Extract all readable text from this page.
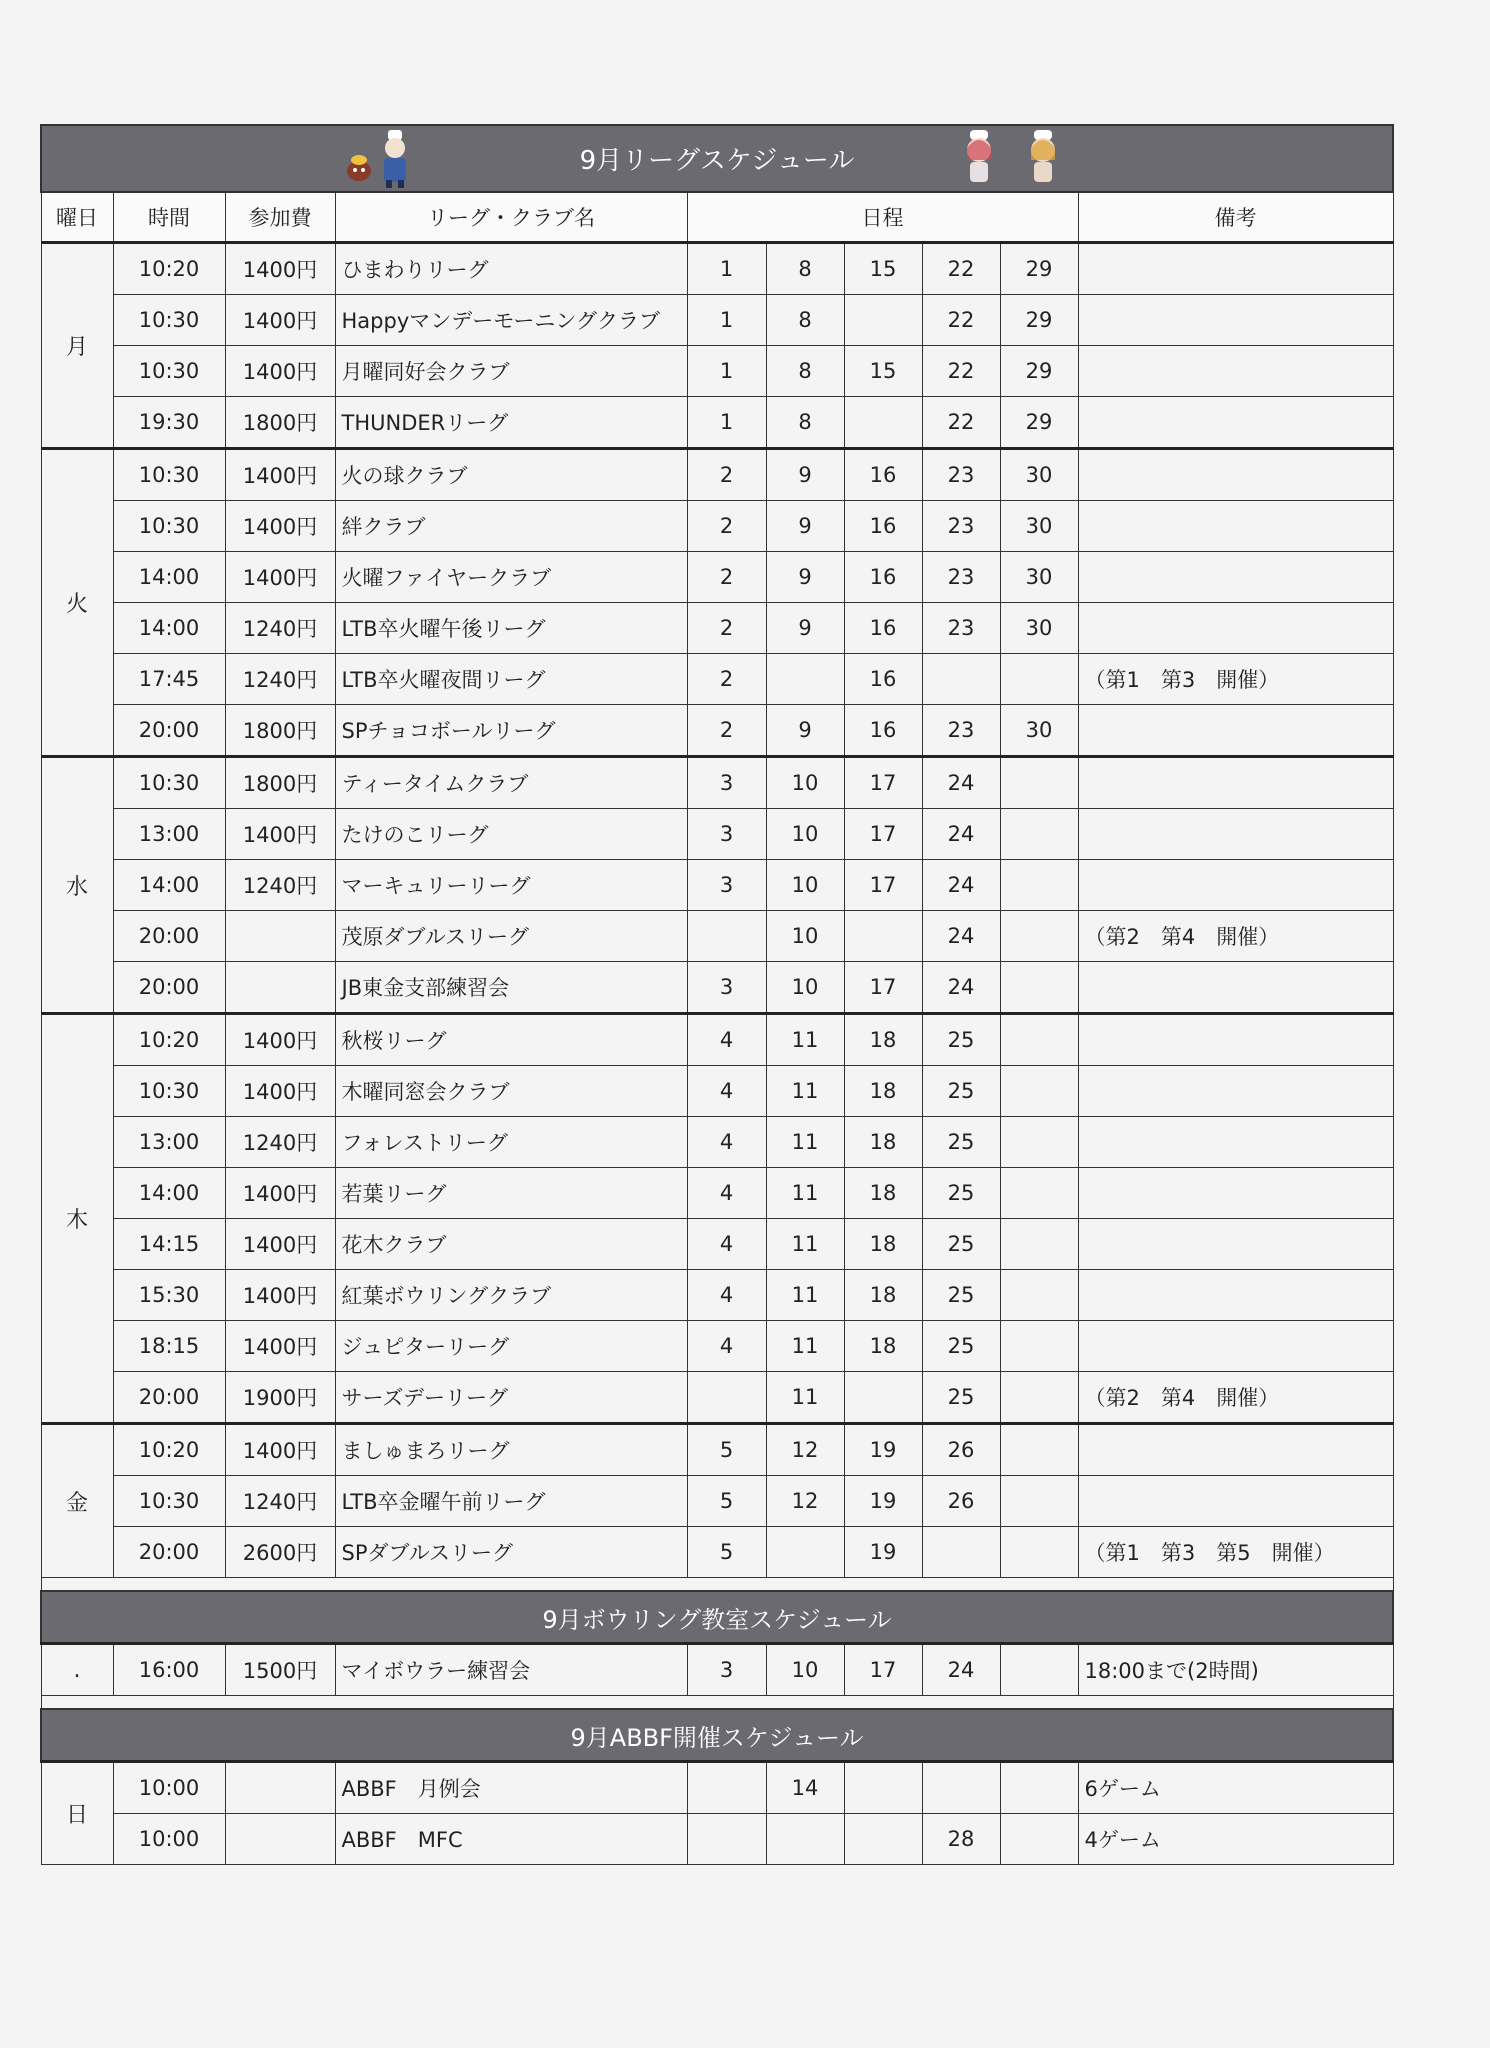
9月リーグスケジュール									
曜日	時間	参加費	リーグ・クラブ名	日程					備考
月	10:20	1400円	ひまわりリーグ	1	8	15	22	29	
	10:30	1400円	Happyマンデーモーニングクラブ	1	8		22	29	
	10:30	1400円	月曜同好会クラブ	1	8	15	22	29	
	19:30	1800円	THUNDERリーグ	1	8		22	29	
火	10:30	1400円	火の球クラブ	2	9	16	23	30	
	10:30	1400円	絆クラブ	2	9	16	23	30	
	14:00	1400円	火曜ファイヤークラブ	2	9	16	23	30	
	14:00	1240円	LTB卒火曜午後リーグ	2	9	16	23	30	
	17:45	1240円	LTB卒火曜夜間リーグ	2		16			（第1　第3　開催）
	20:00	1800円	SPチョコボールリーグ	2	9	16	23	30	
水	10:30	1800円	ティータイムクラブ	3	10	17	24		
	13:00	1400円	たけのこリーグ	3	10	17	24		
	14:00	1240円	マーキュリーリーグ	3	10	17	24		
	20:00		茂原ダブルスリーグ		10		24		（第2　第4　開催）
	20:00		JB東金支部練習会	3	10	17	24		
木	10:20	1400円	秋桜リーグ	4	11	18	25		
	10:30	1400円	木曜同窓会クラブ	4	11	18	25		
	13:00	1240円	フォレストリーグ	4	11	18	25		
	14:00	1400円	若葉リーグ	4	11	18	25		
	14:15	1400円	花木クラブ	4	11	18	25		
	15:30	1400円	紅葉ボウリングクラブ	4	11	18	25		
	18:15	1400円	ジュピターリーグ	4	11	18	25		
	20:00	1900円	サーズデーリーグ		11		25		（第2　第4　開催）
金	10:20	1400円	ましゅまろリーグ	5	12	19	26		
	10:30	1240円	LTB卒金曜午前リーグ	5	12	19	26		
	20:00	2600円	SPダブルスリーグ	5		19			（第1　第3　第5　開催）

9月ボウリング教室スケジュール									
.	16:00	1500円	マイボウラー練習会	3	10	17	24		18:00まで(2時間)

9月ABBF開催スケジュール									
日	10:00		ABBF　月例会		14				6ゲーム
	10:00		ABBF　MFC				28		4ゲーム
